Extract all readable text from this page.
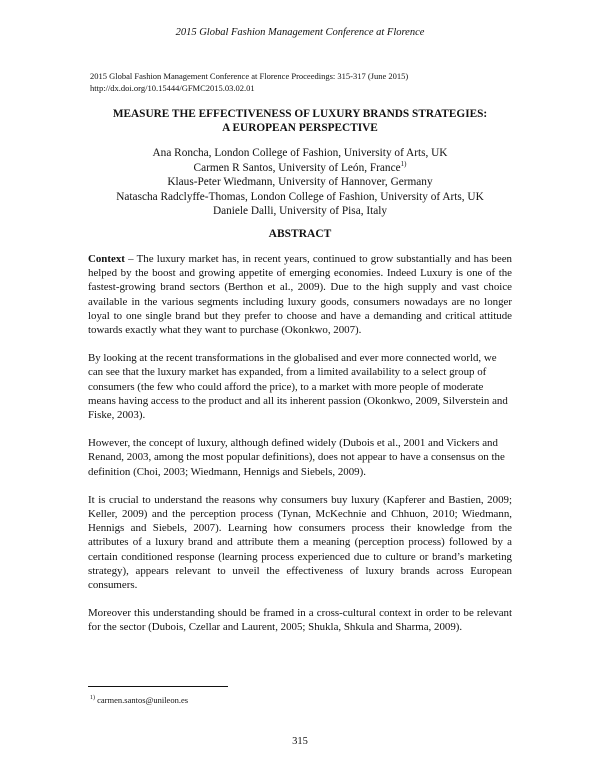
2015 Global Fashion Management Conference at Florence
2015 Global Fashion Management Conference at Florence Proceedings: 315-317 (June 2015)
http://dx.doi.org/10.15444/GFMC2015.03.02.01
MEASURE THE EFFECTIVENESS OF LUXURY BRANDS STRATEGIES:
A EUROPEAN PERSPECTIVE
Ana Roncha, London College of Fashion, University of Arts, UK
Carmen R Santos, University of León, France$^{1)}$
Klaus-Peter Wiedmann, University of Hannover, Germany
Natascha Radclyffe-Thomas, London College of Fashion, University of Arts, UK
Daniele Dalli, University of Pisa, Italy
ABSTRACT

Context – The luxury market has, in recent years, continued to grow substantially and has been helped by the boost and growing appetite of emerging economies. Indeed Luxury is one of the fastest-growing brand sectors (Berthon et al., 2009). Due to the high supply and vast choice available in the various segments including luxury goods, consumers nowadays are no longer loyal to one single brand but they prefer to choose and have a demanding and critical attitude towards exactly what they want to purchase (Okonkwo, 2007).

By looking at the recent transformations in the globalised and ever more connected world, we can see that the luxury market has expanded, from a limited availability to a select group of consumers (the few who could afford the price), to a market with more people of moderate means having access to the product and all its inherent passion (Okonkwo, 2009, Silverstein and Fiske, 2003).

However, the concept of luxury, although defined widely (Dubois et al., 2001 and Vickers and Renand, 2003, among the most popular definitions), does not appear to have a consensus on the definition (Choi, 2003; Wiedmann, Hennigs and Siebels, 2009).

It is crucial to understand the reasons why consumers buy luxury (Kapferer and Bastien, 2009; Keller, 2009) and the perception process (Tynan, McKechnie and Chhuon, 2010; Wiedmann, Hennigs and Siebels, 2007). Learning how consumers process their knowledge from the attributes of a luxury brand and attribute them a meaning (perception process) followed by a certain conditioned response (learning process experienced due to culture or brand’s marketing strategy), appears relevant to unveil the effectiveness of luxury brands across European consumers.

Moreover this understanding should be framed in a cross-cultural context in order to be relevant for the sector (Dubois, Czellar and Laurent, 2005; Shukla, Shkula and Sharma, 2009).

$^{1)}$ carmen.santos@unileon.es
315
